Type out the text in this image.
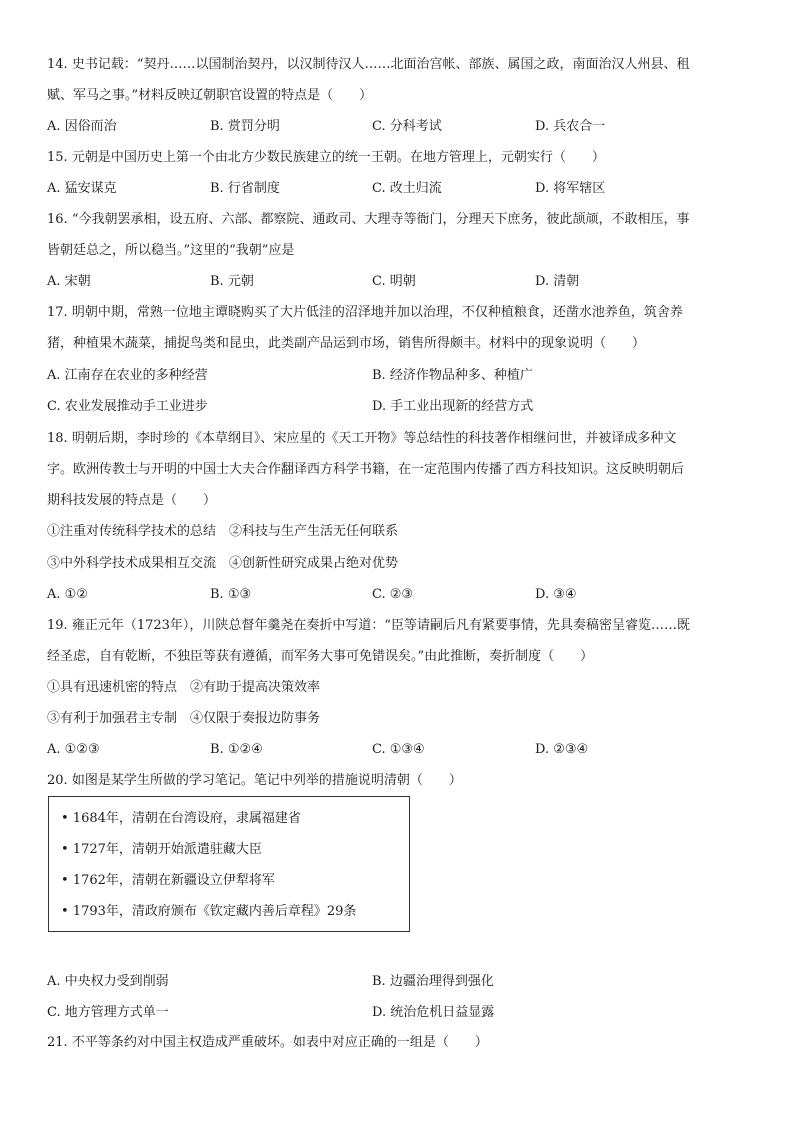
14. 史书记载：“契丹……以国制治契丹，以汉制待汉人……北面治宫帐、部族、属国之政，南面治汉人州县、租
赋、军马之事。”材料反映辽朝职官设置的特点是（　　）
A. 因俗而治	B. 赏罚分明	C. 分科考试	D. 兵农合一
15. 元朝是中国历史上第一个由北方少数民族建立的统一王朝。在地方管理上，元朝实行（　　）
A. 猛安谋克	B. 行省制度	C. 改土归流	D. 将军辖区
16. “今我朝罢承相，设五府、六部、都察院、通政司、大理寺等衙门，分理天下庶务，彼此颉颃，不敢相压，事
皆朝廷总之，所以稳当。”这里的“我朝”应是
A. 宋朝	B. 元朝	C. 明朝	D. 清朝
17. 明朝中期，常熟一位地主谭晓购买了大片低洼的沼泽地并加以治理，不仅种植粮食，还凿水池养鱼，筑舍养
猪，种植果木蔬菜，捕捉鸟类和昆虫，此类副产品运到市场，销售所得颇丰。材料中的现象说明（　　）
A. 江南存在农业的多种经营	B. 经济作物品种多、种植广
C. 农业发展推动手工业进步	D. 手工业出现新的经营方式
18. 明朝后期，李时珍的《本草纲目》、宋应星的《天工开物》等总结性的科技著作相继问世，并被译成多种文
字。欧洲传教士与开明的中国士大夫合作翻译西方科学书籍，在一定范围内传播了西方科技知识。这反映明朝后
期科技发展的特点是（　　）
①注重对传统科学技术的总结　②科技与生产生活无任何联系
③中外科学技术成果相互交流　④创新性研究成果占绝对优势
A. ①②	B. ①③	C. ②③	D. ③④
19. 雍正元年（1723年），川陕总督年羹尧在奏折中写道：“臣等请嗣后凡有紧要事情，先具奏稿密呈睿览……既
经圣虑，自有乾断，不独臣等获有遵循，而军务大事可免错误矣。”由此推断，奏折制度（　　）
①具有迅速机密的特点　②有助于提高决策效率
③有利于加强君主专制　④仅限于奏报边防事务
A. ①②③	B. ①②④	C. ①③④	D. ②③④
20. 如图是某学生所做的学习笔记。笔记中列举的措施说明清朝（　　）
• 1684年，清朝在台湾设府，隶属福建省
• 1727年，清朝开始派遣驻藏大臣
• 1762年，清朝在新疆设立伊犁将军
• 1793年，清政府颁布《钦定藏内善后章程》29条
A. 中央权力受到削弱	B. 边疆治理得到强化
C. 地方管理方式单一	D. 统治危机日益显露
21. 不平等条约对中国主权造成严重破坏。如表中对应正确的一组是（　　）
